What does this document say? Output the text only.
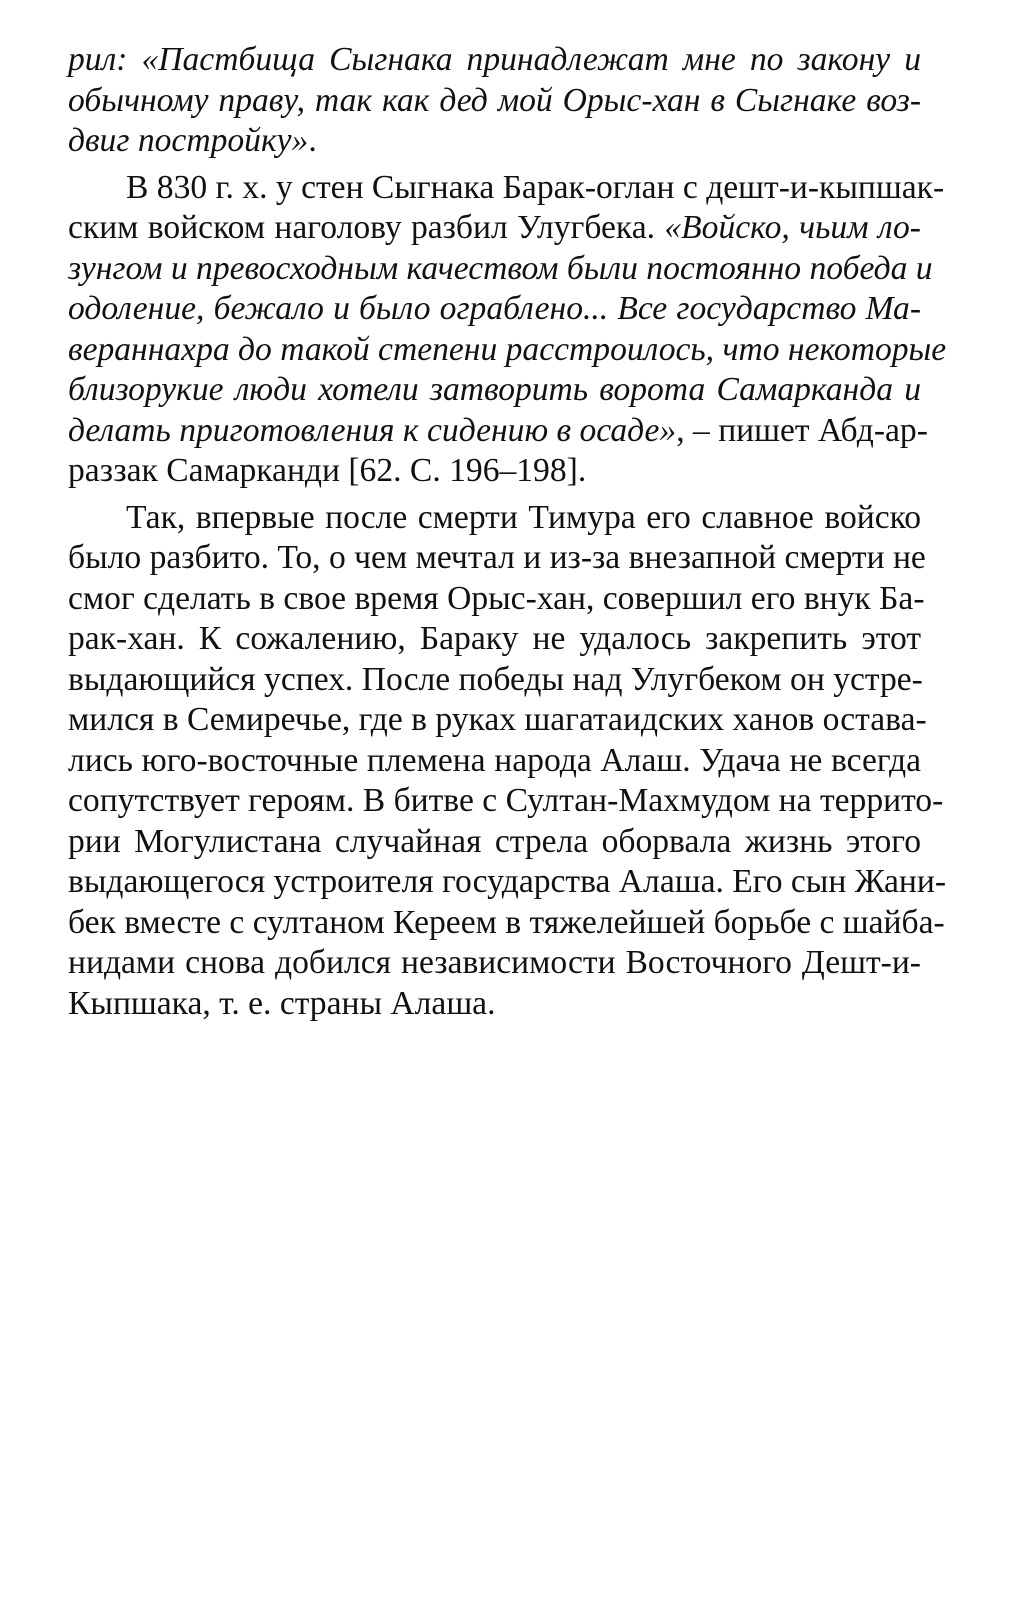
рил: «Пастбища Сыгнака принадлежат мне по закону и
обычному праву, так как дед мой Орыс-хан в Сыгнаке воз-
двиг постройку».
В 830 г. х. у стен Сыгнака Барак-оглан с дешт-и-кыпшак-
ским войском наголову разбил Улугбека. «Войско, чьим ло-
зунгом и превосходным качеством были постоянно победа и
одоление, бежало и было ограблено... Все государство Ма-
вераннахра до такой степени расстроилось, что некоторые
близорукие люди хотели затворить ворота Самарканда и
делать приготовления к сидению в осаде», – пишет Абд-ар-
раззак Самарканди [62. С. 196–198].
Так, впервые после смерти Тимура его славное войско
было разбито. То, о чем мечтал и из-за внезапной смерти не
смог сделать в свое время Орыс-хан, совершил его внук Ба-
рак-хан. К сожалению, Бараку не удалось закрепить этот
выдающийся успех. После победы над Улугбеком он устре-
мился в Семиречье, где в руках шагатаидских ханов остава-
лись юго-восточные племена народа Алаш. Удача не всегда
сопутствует героям. В битве с Султан-Махмудом на террито-
рии Могулистана случайная стрела оборвала жизнь этого
выдающегося устроителя государства Алаша. Его сын Жани-
бек вместе с султаном Кереем в тяжелейшей борьбе с шайба-
нидами снова добился независимости Восточного Дешт-и-
Кыпшака, т. е. страны Алаша.
